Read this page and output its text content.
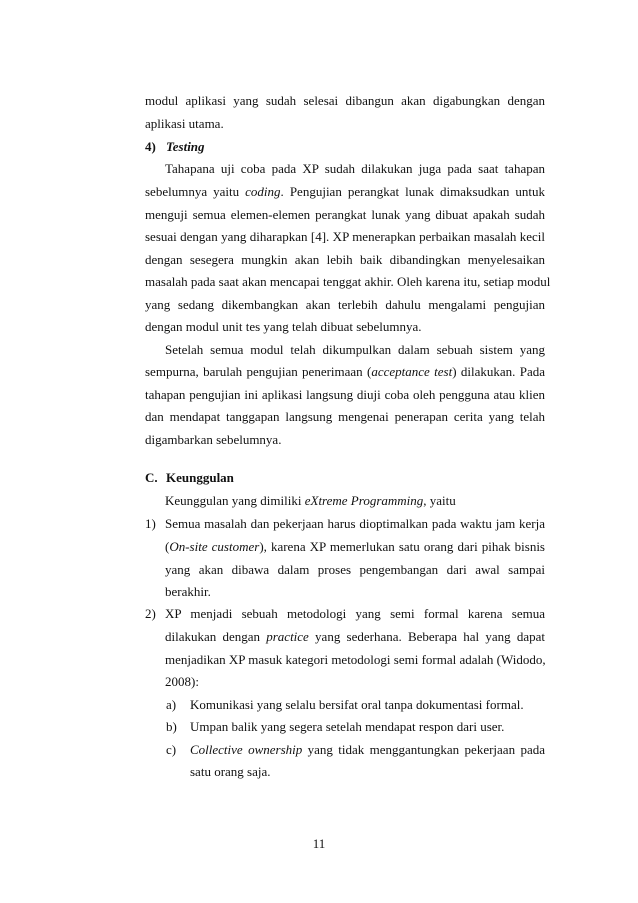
modul aplikasi yang sudah selesai dibangun akan digabungkan dengan
aplikasi utama.
4) Testing
Tahapana uji coba pada XP sudah dilakukan juga pada saat tahapan
sebelumnya yaitu coding. Pengujian perangkat lunak dimaksudkan untuk
menguji semua elemen-elemen perangkat lunak yang dibuat apakah sudah
sesuai dengan yang diharapkan [4]. XP menerapkan perbaikan masalah kecil
dengan sesegera mungkin akan lebih baik dibandingkan menyelesaikan
masalah pada saat akan mencapai tenggat akhir. Oleh karena itu, setiap modul
yang sedang dikembangkan akan terlebih dahulu mengalami pengujian
dengan modul unit tes yang telah dibuat sebelumnya.
Setelah semua modul telah dikumpulkan dalam sebuah sistem yang
sempurna, barulah pengujian penerimaan (acceptance test) dilakukan. Pada
tahapan pengujian ini aplikasi langsung diuji coba oleh pengguna atau klien
dan mendapat tanggapan langsung mengenai penerapan cerita yang telah
digambarkan sebelumnya.
C. Keunggulan
Keunggulan yang dimiliki eXtreme Programming, yaitu
1) Semua masalah dan pekerjaan harus dioptimalkan pada waktu jam kerja
(On-site customer), karena XP memerlukan satu orang dari pihak bisnis
yang akan dibawa dalam proses pengembangan dari awal sampai
berakhir.
2) XP menjadi sebuah metodologi yang semi formal karena semua
dilakukan dengan practice yang sederhana. Beberapa hal yang dapat
menjadikan XP masuk kategori metodologi semi formal adalah (Widodo,
2008):
a) Komunikasi yang selalu bersifat oral tanpa dokumentasi formal.
b) Umpan balik yang segera setelah mendapat respon dari user.
c) Collective ownership yang tidak menggantungkan pekerjaan pada
satu orang saja.
11
